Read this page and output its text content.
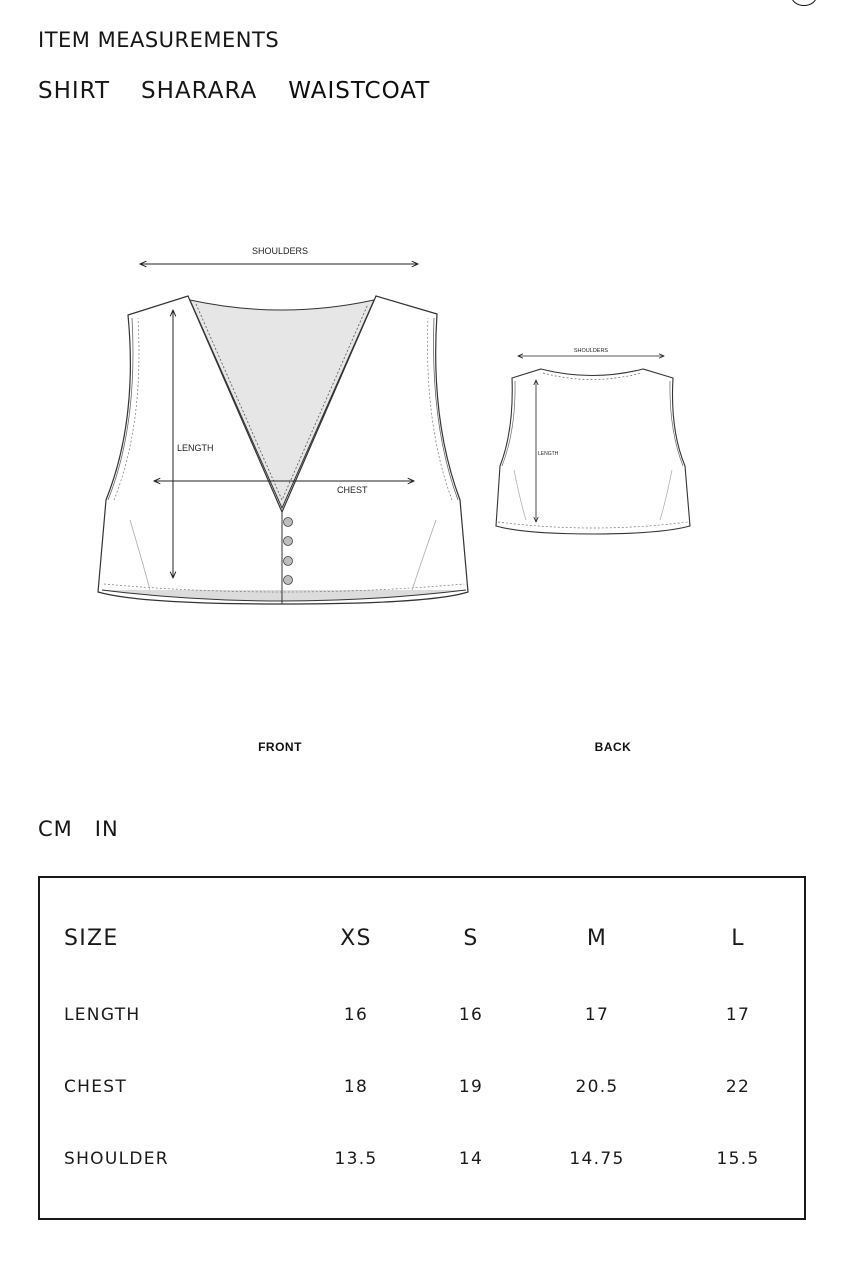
ITEM MEASUREMENTS
SHIRT SHARARA WAISTCOAT
SHOULDERS
LENGTH
CHEST
SHOULDERS
LENGTH
FRONT	BACK
CM IN
SIZE	XS	S	M	L
LENGTH	16	16	17	17
CHEST	18	19	20.5	22
SHOULDER	13.5	14	14.75	15.5
